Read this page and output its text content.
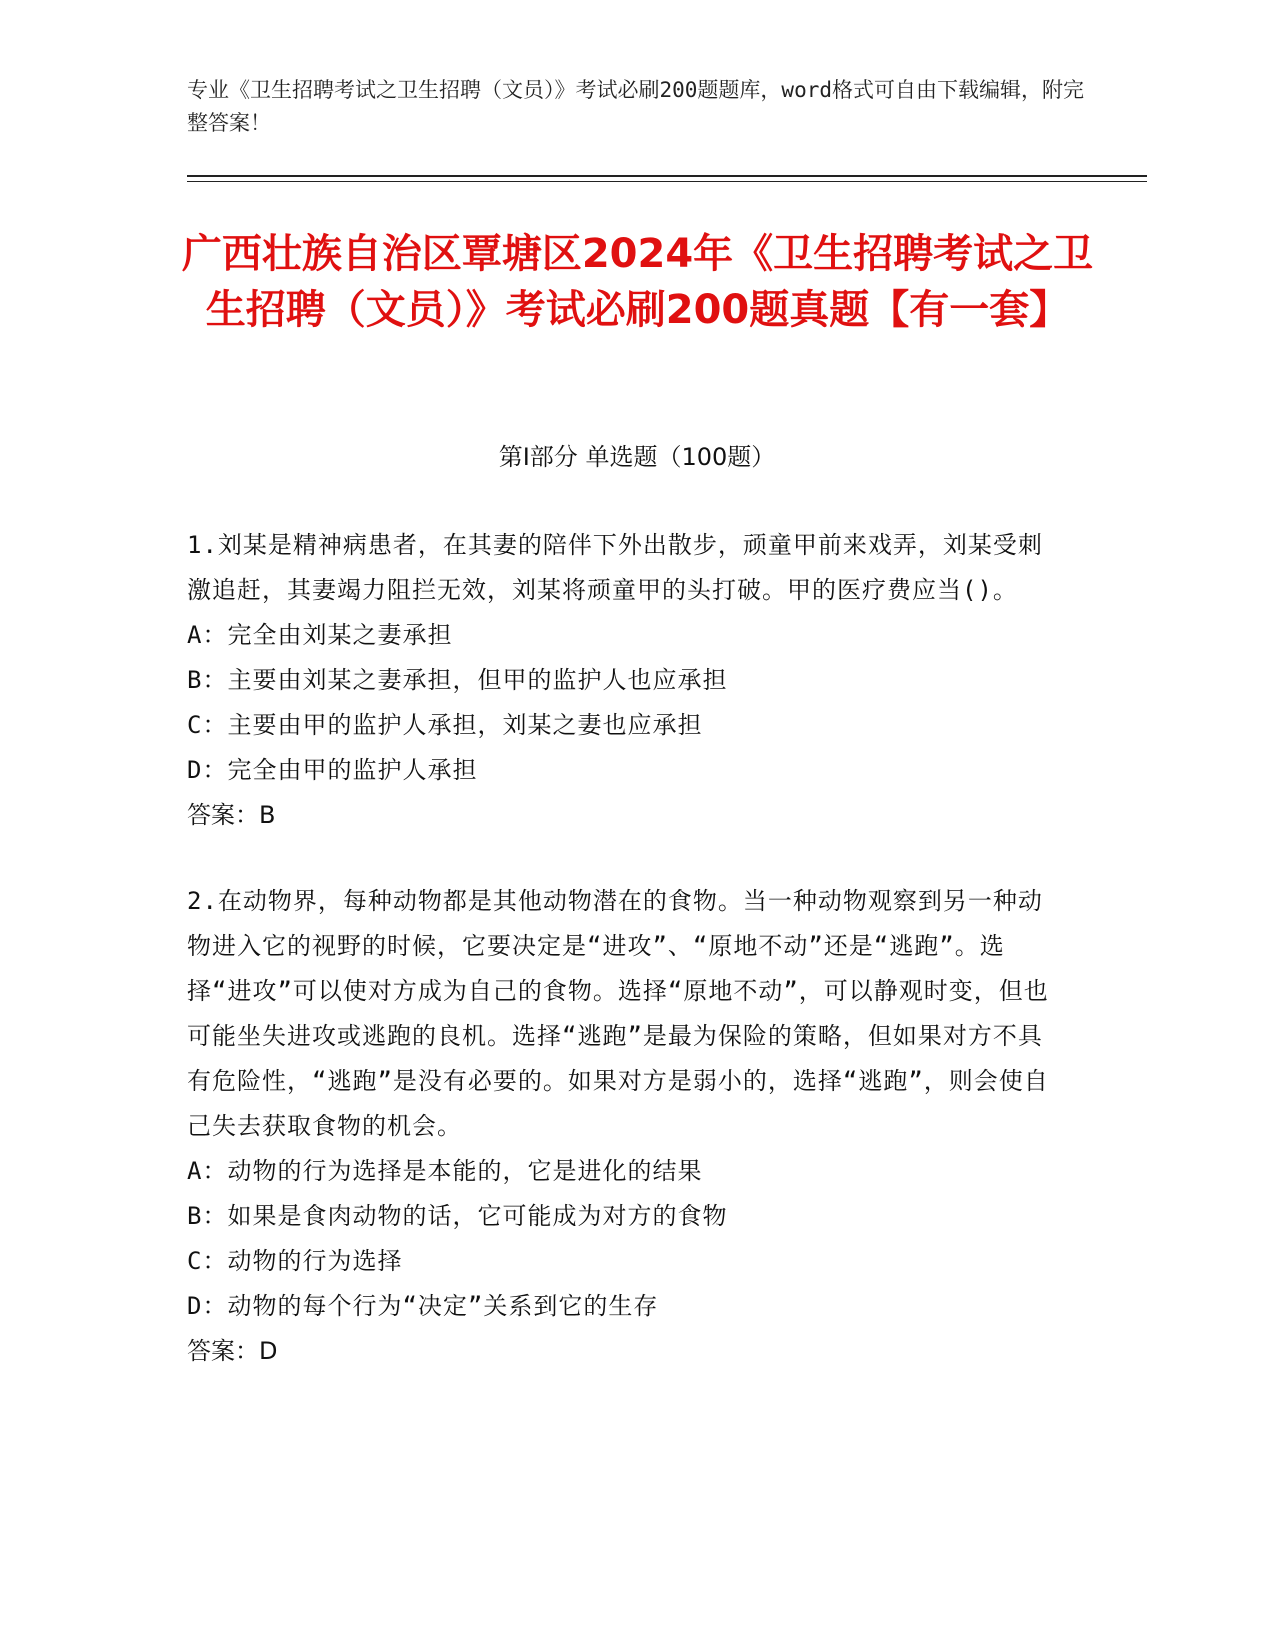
专业《卫生招聘考试之卫生招聘（文员）》考试必刷200题题库，word格式可自由下载编辑，附完整答案！
广西壮族自治区覃塘区2024年《卫生招聘考试之卫生招聘（文员）》考试必刷200题真题【有一套】
第Ⅰ部分 单选题（100题）
1.刘某是精神病患者，在其妻的陪伴下外出散步，顽童甲前来戏弄，刘某受刺激追赶，其妻竭力阻拦无效，刘某将顽童甲的头打破。甲的医疗费应当()。
A：完全由刘某之妻承担
B：主要由刘某之妻承担，但甲的监护人也应承担
C：主要由甲的监护人承担，刘某之妻也应承担
D：完全由甲的监护人承担
答案：B
2.在动物界，每种动物都是其他动物潜在的食物。当一种动物观察到另一种动物进入它的视野的时候，它要决定是“进攻”、“原地不动”还是“逃跑”。选择“进攻”可以使对方成为自己的食物。选择“原地不动”，可以静观时变，但也可能坐失进攻或逃跑的良机。选择“逃跑”是最为保险的策略，但如果对方不具有危险性，“逃跑”是没有必要的。如果对方是弱小的，选择“逃跑”，则会使自己失去获取食物的机会。
A：动物的行为选择是本能的，它是进化的结果
B：如果是食肉动物的话，它可能成为对方的食物
C：动物的行为选择
D：动物的每个行为“决定”关系到它的生存
答案：D
